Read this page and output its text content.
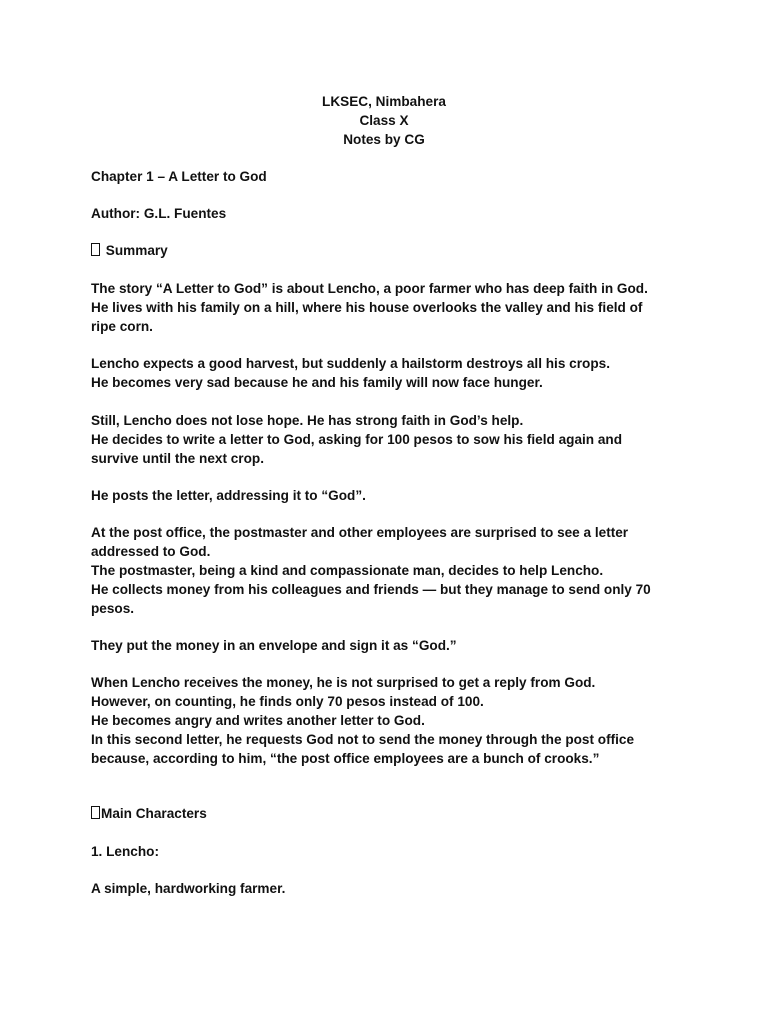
LKSEC, Nimbahera
Class X
Notes by CG
Chapter 1 – A Letter to God
Author: G.L. Fuentes
Summary
The story “A Letter to God” is about Lencho, a poor farmer who has deep faith in God.
He lives with his family on a hill, where his house overlooks the valley and his field of
ripe corn.
Lencho expects a good harvest, but suddenly a hailstorm destroys all his crops.
He becomes very sad because he and his family will now face hunger.
Still, Lencho does not lose hope. He has strong faith in God’s help.
He decides to write a letter to God, asking for 100 pesos to sow his field again and
survive until the next crop.
He posts the letter, addressing it to “God”.
At the post office, the postmaster and other employees are surprised to see a letter
addressed to God.
The postmaster, being a kind and compassionate man, decides to help Lencho.
He collects money from his colleagues and friends — but they manage to send only 70
pesos.
They put the money in an envelope and sign it as “God.”
When Lencho receives the money, he is not surprised to get a reply from God.
However, on counting, he finds only 70 pesos instead of 100.
He becomes angry and writes another letter to God.
In this second letter, he requests God not to send the money through the post office
because, according to him, “the post office employees are a bunch of crooks.”
Main Characters
1. Lencho:
A simple, hardworking farmer.
